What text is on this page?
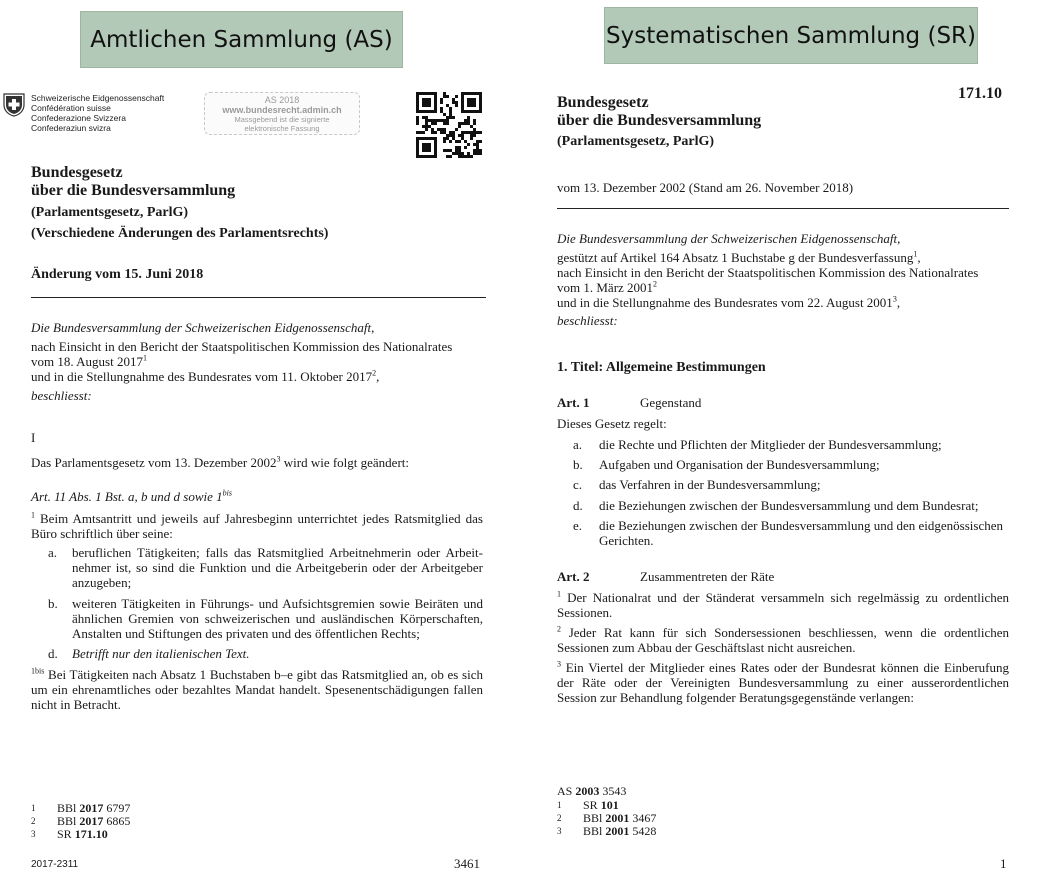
Amtlichen Sammlung (AS)
Schweizerische Eidgenossenschaft
Confédération suisse
Confederazione Svizzera
Confederaziun svizra
AS 2018
www.bundesrecht.admin.ch
Massgebend ist die signierte
elektronische Fassung
Bundesgesetz
über die Bundesversammlung
(Parlamentsgesetz, ParlG)
(Verschiedene Änderungen des Parlamentsrechts)
Änderung vom 15. Juni 2018
Die Bundesversammlung der Schweizerischen Eidgenossenschaft,
nach Einsicht in den Bericht der Staatspolitischen Kommission des Nationalrates
vom 18. August 2017$^1$
und in die Stellungnahme des Bundesrates vom 11. Oktober 2017$^2$,
beschliesst:
I
Das Parlamentsgesetz vom 13. Dezember 2002$^3$ wird wie folgt geändert:
Art. 11 Abs. 1 Bst. a, b und d sowie $1^{bis}$
$^1$ Beim Amtsantritt und jeweils auf Jahresbeginn unterrichtet jedes Ratsmitglied das Büro schriftlich über seine:
a. beruflichen Tätigkeiten; falls das Ratsmitglied Arbeitnehmerin oder Arbeit-nehmer ist, so sind die Funktion und die Arbeitgeberin oder der Arbeitgeber anzugeben;
b. weiteren Tätigkeiten in Führungs- und Aufsichtsgremien sowie Beiräten und ähnlichen Gremien von schweizerischen und ausländischen Körperschaften, Anstalten und Stiftungen des privaten und des öffentlichen Rechts;
d. Betrifft nur den italienischen Text.
$^{1bis}$ Bei Tätigkeiten nach Absatz 1 Buchstaben b–e gibt das Ratsmitglied an, ob es sich um ein ehrenamtliches oder bezahltes Mandat handelt. Spesenentschädigungen fallen nicht in Betracht.
1 BBl 2017 6797
2 BBl 2017 6865
3 SR 171.10
2017-2311	3461
Systematischen Sammlung (SR)
171.10
Bundesgesetz
über die Bundesversammlung
(Parlamentsgesetz, ParlG)
vom 13. Dezember 2002 (Stand am 26. November 2018)
Die Bundesversammlung der Schweizerischen Eidgenossenschaft,
gestützt auf Artikel 164 Absatz 1 Buchstabe g der Bundesverfassung$^1$,
nach Einsicht in den Bericht der Staatspolitischen Kommission des Nationalrates
vom 1. März 2001$^2$
und in die Stellungnahme des Bundesrates vom 22. August 2001$^3$,
beschliesst:
1. Titel: Allgemeine Bestimmungen
Art. 1	Gegenstand
Dieses Gesetz regelt:
a. die Rechte und Pflichten der Mitglieder der Bundesversammlung;
b. Aufgaben und Organisation der Bundesversammlung;
c. das Verfahren in der Bundesversammlung;
d. die Beziehungen zwischen der Bundesversammlung und dem Bundesrat;
e. die Beziehungen zwischen der Bundesversammlung und den eidgenössischen Gerichten.
Art. 2	Zusammentreten der Räte
$^1$ Der Nationalrat und der Ständerat versammeln sich regelmässig zu ordentlichen Sessionen.
$^2$ Jeder Rat kann für sich Sondersessionen beschliessen, wenn die ordentlichen Sessionen zum Abbau der Geschäftslast nicht ausreichen.
$^3$ Ein Viertel der Mitglieder eines Rates oder der Bundesrat können die Einberufung der Räte oder der Vereinigten Bundesversammlung zu einer ausserordentlichen Session zur Behandlung folgender Beratungsgegenstände verlangen:
AS 2003 3543
1 SR 101
2 BBl 2001 3467
3 BBl 2001 5428
1
